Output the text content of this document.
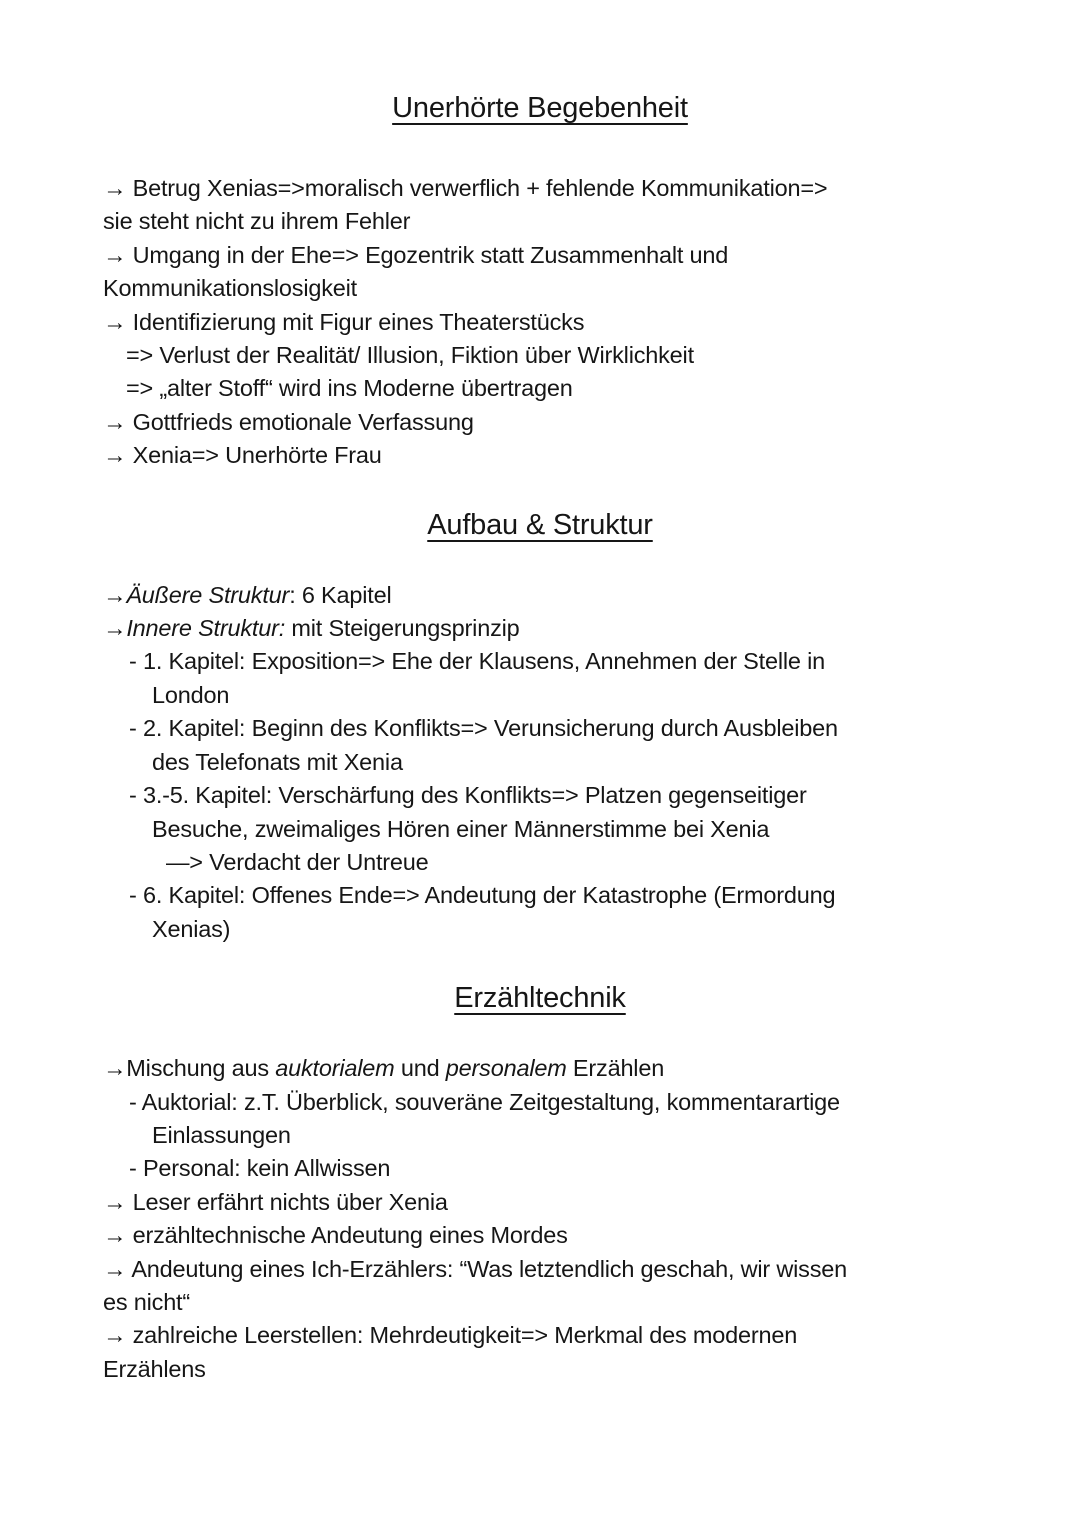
Unerhörte Begebenheit
→ Betrug Xenias=>moralisch verwerflich + fehlende Kommunikation=>
sie steht nicht zu ihrem Fehler
→ Umgang in der Ehe=> Egozentrik statt Zusammenhalt und
Kommunikationslosigkeit
→ Identifizierung mit Figur eines Theaterstücks
=> Verlust der Realität/ Illusion, Fiktion über Wirklichkeit
=> „alter Stoff“ wird ins Moderne übertragen
→ Gottfrieds emotionale Verfassung
→ Xenia=> Unerhörte Frau
Aufbau & Struktur
→Äußere Struktur: 6 Kapitel
→Innere Struktur: mit Steigerungsprinzip
- 1. Kapitel: Exposition=> Ehe der Klausens, Annehmen der Stelle in
London
- 2. Kapitel: Beginn des Konflikts=> Verunsicherung durch Ausbleiben
des Telefonats mit Xenia
- 3.-5. Kapitel: Verschärfung des Konflikts=> Platzen gegenseitiger
Besuche, zweimaliges Hören einer Männerstimme bei Xenia
—> Verdacht der Untreue
- 6. Kapitel: Offenes Ende=> Andeutung der Katastrophe (Ermordung
Xenias)
Erzähltechnik
→Mischung aus auktorialem und personalem Erzählen
- Auktorial: z.T. Überblick, souveräne Zeitgestaltung, kommentarartige
Einlassungen
- Personal: kein Allwissen
→ Leser erfährt nichts über Xenia
→ erzähltechnische Andeutung eines Mordes
→ Andeutung eines Ich-Erzählers: “Was letztendlich geschah, wir wissen
es nicht“
→ zahlreiche Leerstellen: Mehrdeutigkeit=> Merkmal des modernen
Erzählens
